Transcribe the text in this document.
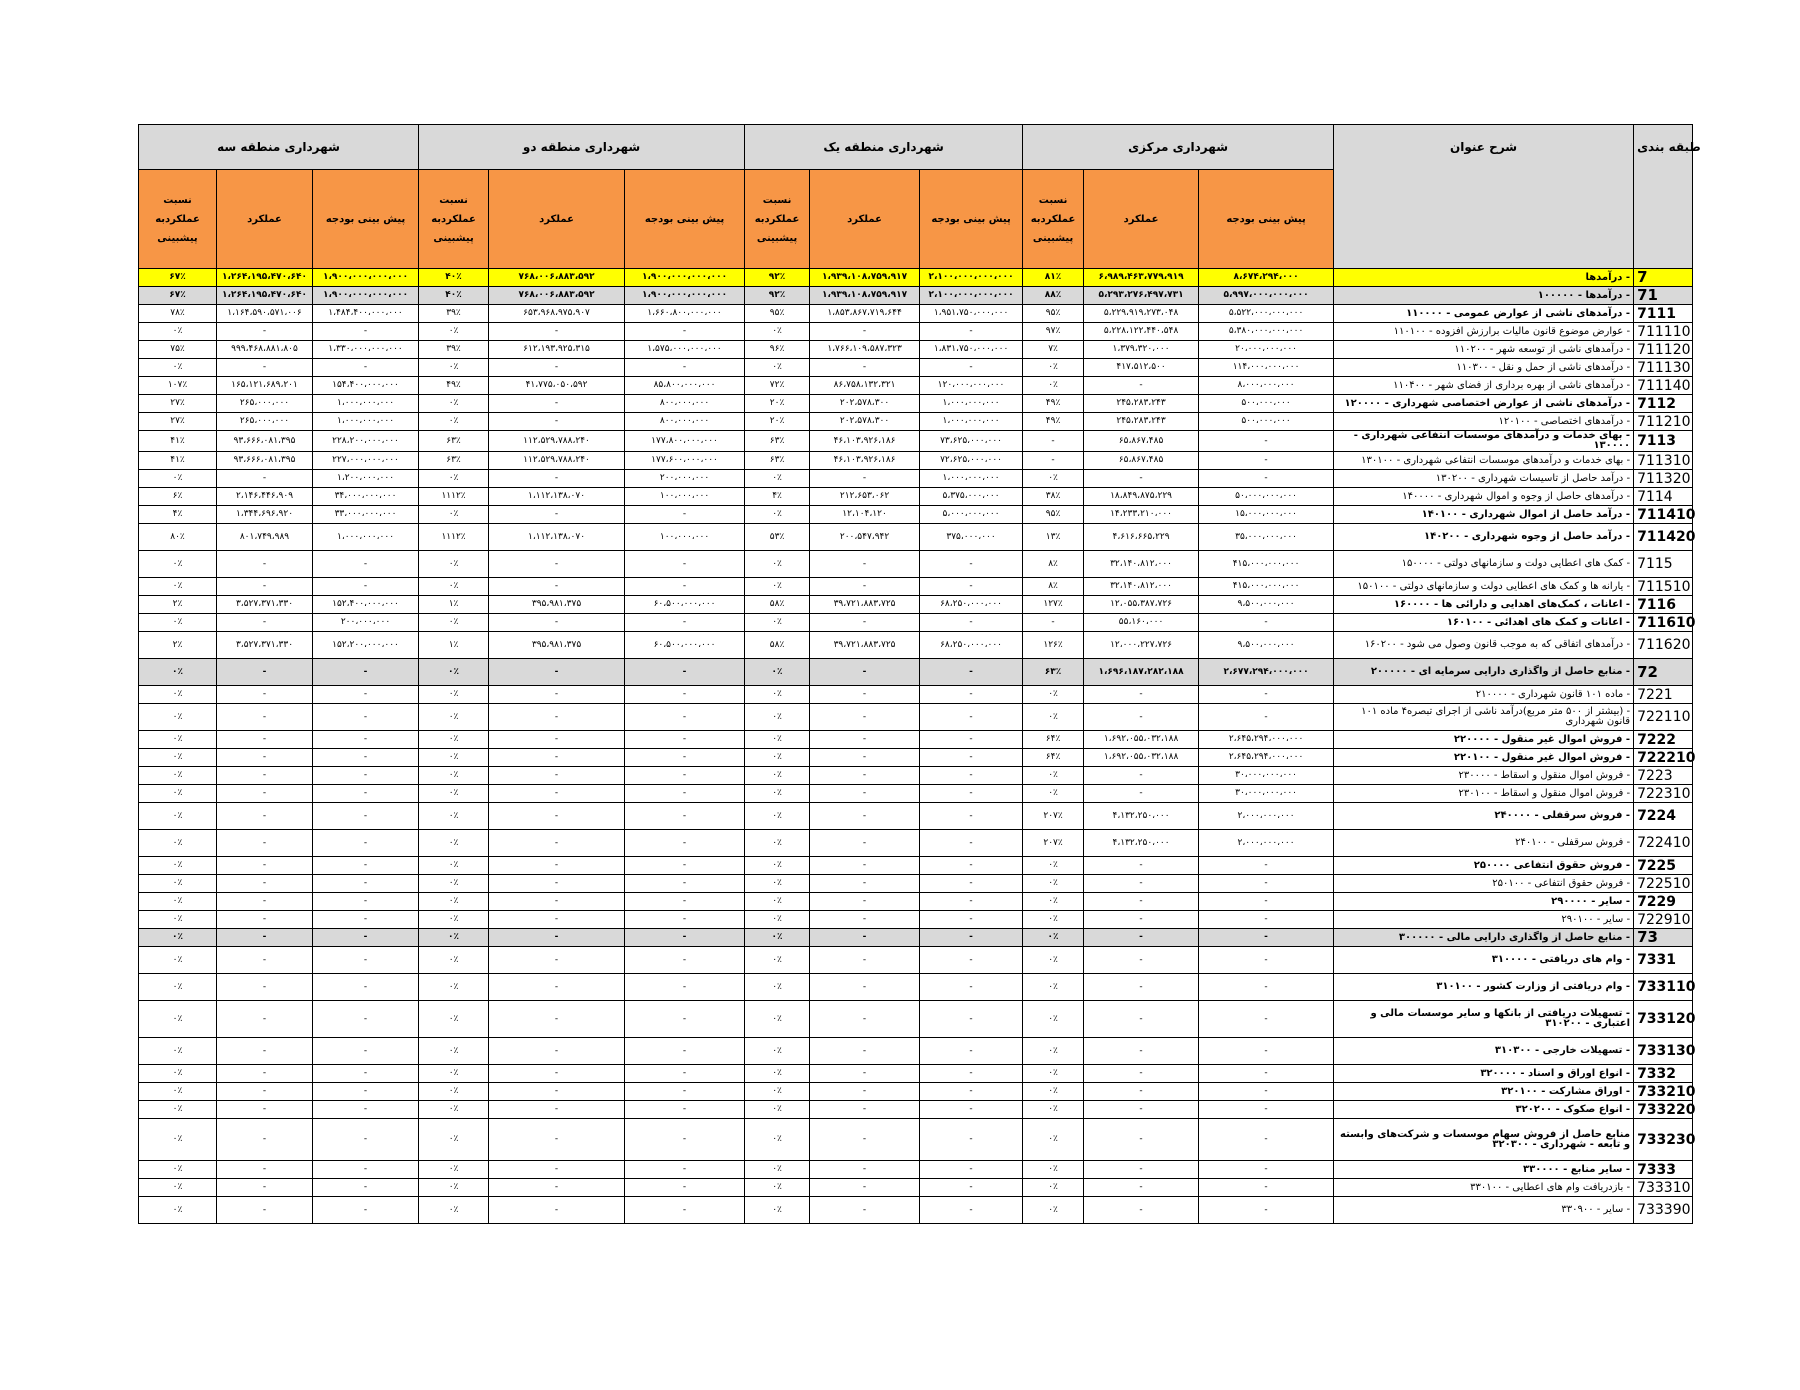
شهرداری منطقه سه			شهرداری منطقه دو			شهرداری منطقه یک			شهرداری مرکزی			شرح عنوان	طبقه بندی
نسبت عملکردبه پیشبینی	عملکرد	پیش بینی بودجه	نسبت عملکردبه پیشبینی	عملکرد	پیش بینی بودجه	نسبت عملکردبه پیشبینی	عملکرد	پیش بینی بودجه	نسبت عملکردبه پیشبینی	عملکرد	پیش بینی بودجه		
۶۷٪	۱،۲۶۴،۱۹۵،۴۷۰،۶۴۰	۱،۹۰۰،۰۰۰،۰۰۰،۰۰۰	۴۰٪	۷۶۸،۰۰۶،۸۸۳،۵۹۲	۱،۹۰۰،۰۰۰،۰۰۰،۰۰۰	۹۲٪	۱،۹۳۹،۱۰۸،۷۵۹،۹۱۷	۲،۱۰۰،۰۰۰،۰۰۰،۰۰۰	۸۱٪	۶،۹۸۹،۴۶۳،۷۷۹،۹۱۹	۸،۶۷۴،۲۹۴،۰۰۰	- درآمدها	7
۶۷٪	۱،۲۶۴،۱۹۵،۴۷۰،۶۴۰	۱،۹۰۰،۰۰۰،۰۰۰،۰۰۰	۴۰٪	۷۶۸،۰۰۶،۸۸۳،۵۹۲	۱،۹۰۰،۰۰۰،۰۰۰،۰۰۰	۹۲٪	۱،۹۳۹،۱۰۸،۷۵۹،۹۱۷	۲،۱۰۰،۰۰۰،۰۰۰،۰۰۰	۸۸٪	۵،۲۹۳،۲۷۶،۴۹۷،۷۳۱	۵،۹۹۷،۰۰۰،۰۰۰،۰۰۰	- درآمدها - ۱۰۰۰۰۰	71
۷۸٪	۱،۱۶۴،۵۹۰،۵۷۱،۰۰۶	۱،۴۸۴،۴۰۰،۰۰۰،۰۰۰	۳۹٪	۶۵۳،۹۶۸،۹۷۵،۹۰۷	۱،۶۶۰،۸۰۰،۰۰۰،۰۰۰	۹۵٪	۱،۸۵۳،۸۶۷،۷۱۹،۶۴۴	۱،۹۵۱،۷۵۰،۰۰۰،۰۰۰	۹۵٪	۵،۲۲۹،۹۱۹،۲۷۳،۰۴۸	۵،۵۲۲،۰۰۰،۰۰۰،۰۰۰	- درآمدهای ناشی از عوارض عمومی - ۱۱۰۰۰۰	7111
۰٪	-	-	۰٪	-	-	۰٪	-	-	۹۷٪	۵،۲۲۸،۱۲۲،۴۴۰،۵۴۸	۵،۳۸۰،۰۰۰،۰۰۰،۰۰۰	- عوارض موضوع قانون مالیات برارزش افزوده - ۱۱۰۱۰۰	711110
۷۵٪	۹۹۹،۴۶۸،۸۸۱،۸۰۵	۱،۳۳۰،۰۰۰،۰۰۰،۰۰۰	۳۹٪	۶۱۲،۱۹۳،۹۲۵،۳۱۵	۱،۵۷۵،۰۰۰،۰۰۰،۰۰۰	۹۶٪	۱،۷۶۶،۱۰۹،۵۸۷،۳۲۳	۱،۸۳۱،۷۵۰،۰۰۰،۰۰۰	۷٪	۱،۳۷۹،۳۲۰،۰۰۰	۲۰،۰۰۰،۰۰۰،۰۰۰	- درآمدهای ناشی از توسعه شهر - ۱۱۰۲۰۰	711120
۰٪	-	-	۰٪	-	-	۰٪	-	-	۰٪	۴۱۷،۵۱۲،۵۰۰	۱۱۴،۰۰۰،۰۰۰،۰۰۰	- درآمدهای ناشی از حمل و نقل - ۱۱۰۳۰۰	711130
۱۰۷٪	۱۶۵،۱۲۱،۶۸۹،۲۰۱	۱۵۴،۴۰۰،۰۰۰،۰۰۰	۴۹٪	۴۱،۷۷۵،۰۵۰،۵۹۲	۸۵،۸۰۰،۰۰۰،۰۰۰	۷۲٪	۸۶،۷۵۸،۱۳۲،۳۲۱	۱۲۰،۰۰۰،۰۰۰،۰۰۰	۰٪	-	۸،۰۰۰،۰۰۰،۰۰۰	- درآمدهای ناشی از بهره برداری از فضای شهر - ۱۱۰۴۰۰	711140
۲۷٪	۲۶۵،۰۰۰،۰۰۰	۱،۰۰۰،۰۰۰،۰۰۰	۰٪	-	۸۰۰،۰۰۰،۰۰۰	۲۰٪	۲۰۲،۵۷۸،۳۰۰	۱،۰۰۰،۰۰۰،۰۰۰	۴۹٪	۲۴۵،۲۸۳،۲۴۳	۵۰۰،۰۰۰،۰۰۰	- درآمدهای ناشی از عوارض اختصاصی شهرداری - ۱۲۰۰۰۰	7112
۲۷٪	۲۶۵،۰۰۰،۰۰۰	۱،۰۰۰،۰۰۰،۰۰۰	۰٪	-	۸۰۰،۰۰۰،۰۰۰	۲۰٪	۲۰۲،۵۷۸،۳۰۰	۱،۰۰۰،۰۰۰،۰۰۰	۴۹٪	۲۴۵،۲۸۳،۲۴۳	۵۰۰،۰۰۰،۰۰۰	- درآمدهای اختصاصی - ۱۲۰۱۰۰	711210
۴۱٪	۹۳،۶۶۶،۰۸۱،۳۹۵	۲۲۸،۲۰۰،۰۰۰،۰۰۰	۶۳٪	۱۱۲،۵۲۹،۷۸۸،۲۴۰	۱۷۷،۸۰۰،۰۰۰،۰۰۰	۶۳٪	۴۶،۱۰۳،۹۲۶،۱۸۶	۷۳،۶۲۵،۰۰۰،۰۰۰	-	۶۵،۸۶۷،۴۸۵	-	- بهای خدمات و درآمدهای موسسات انتفاعی شهرداری - ۱۳۰۰۰۰	7113
۴۱٪	۹۳،۶۶۶،۰۸۱،۳۹۵	۲۲۷،۰۰۰،۰۰۰،۰۰۰	۶۳٪	۱۱۲،۵۲۹،۷۸۸،۲۴۰	۱۷۷،۶۰۰،۰۰۰،۰۰۰	۶۳٪	۴۶،۱۰۳،۹۲۶،۱۸۶	۷۲،۶۲۵،۰۰۰،۰۰۰	-	۶۵،۸۶۷،۴۸۵	-	- بهای خدمات و درآمدهای موسسات انتفاعی شهرداری - ۱۳۰۱۰۰	711310
۰٪	-	۱،۲۰۰،۰۰۰،۰۰۰	۰٪	-	۲۰۰،۰۰۰،۰۰۰	۰٪	-	۱،۰۰۰،۰۰۰،۰۰۰	۰٪	-	-	- درآمد حاصل از تاسیسات شهرداری - ۱۳۰۲۰۰	711320
۶٪	۲،۱۴۶،۴۴۶،۹۰۹	۳۴،۰۰۰،۰۰۰،۰۰۰	۱۱۱۲٪	۱،۱۱۲،۱۳۸،۰۷۰	۱۰۰،۰۰۰،۰۰۰	۴٪	۲۱۲،۶۵۳،۰۶۲	۵،۳۷۵،۰۰۰،۰۰۰	۳۸٪	۱۸،۸۴۹،۸۷۵،۲۲۹	۵۰،۰۰۰،۰۰۰،۰۰۰	- درآمدهای حاصل از وجوه و اموال شهرداری - ۱۴۰۰۰۰	7114
۴٪	۱،۳۴۴،۶۹۶،۹۲۰	۳۳،۰۰۰،۰۰۰،۰۰۰	۰٪	-	-	۰٪	۱۲،۱۰۴،۱۲۰	۵،۰۰۰،۰۰۰،۰۰۰	۹۵٪	۱۴،۲۳۳،۲۱۰،۰۰۰	۱۵،۰۰۰،۰۰۰،۰۰۰	- درآمد حاصل از اموال شهرداری - ۱۴۰۱۰۰	711410
۸۰٪	۸۰۱،۷۴۹،۹۸۹	۱،۰۰۰،۰۰۰،۰۰۰	۱۱۱۲٪	۱،۱۱۲،۱۳۸،۰۷۰	۱۰۰،۰۰۰،۰۰۰	۵۳٪	۲۰۰،۵۴۷،۹۴۲	۳۷۵،۰۰۰،۰۰۰	۱۳٪	۴،۶۱۶،۶۶۵،۲۲۹	۳۵،۰۰۰،۰۰۰،۰۰۰	- درآمد حاصل از وجوه شهرداری - ۱۴۰۲۰۰	711420
۰٪	-	-	۰٪	-	-	۰٪	-	-	۸٪	۳۲،۱۴۰،۸۱۲،۰۰۰	۴۱۵،۰۰۰،۰۰۰،۰۰۰	- کمک های اعطایی دولت و سازمانهای دولتی - ۱۵۰۰۰۰	7115
۰٪	-	-	۰٪	-	-	۰٪	-	-	۸٪	۳۲،۱۴۰،۸۱۲،۰۰۰	۴۱۵،۰۰۰،۰۰۰،۰۰۰	- یارانه ها و کمک های اعطایی دولت و سازمانهای دولتی - ۱۵۰۱۰۰	711510
۲٪	۳،۵۲۷،۳۷۱،۳۳۰	۱۵۲،۴۰۰،۰۰۰،۰۰۰	۱٪	۳۹۵،۹۸۱،۳۷۵	۶۰،۵۰۰،۰۰۰،۰۰۰	۵۸٪	۳۹،۷۲۱،۸۸۳،۷۲۵	۶۸،۲۵۰،۰۰۰،۰۰۰	۱۲۷٪	۱۲،۰۵۵،۳۸۷،۷۲۶	۹،۵۰۰،۰۰۰،۰۰۰	- اعانات ، کمک‌های اهدایی و دارائی ها - ۱۶۰۰۰۰	7116
۰٪	-	۲۰۰،۰۰۰،۰۰۰	۰٪	-	-	۰٪	-	-	-	۵۵،۱۶۰،۰۰۰	-	- اعانات و کمک های اهدائی - ۱۶۰۱۰۰	711610
۲٪	۳،۵۲۷،۳۷۱،۳۳۰	۱۵۲،۲۰۰،۰۰۰،۰۰۰	۱٪	۳۹۵،۹۸۱،۳۷۵	۶۰،۵۰۰،۰۰۰،۰۰۰	۵۸٪	۳۹،۷۲۱،۸۸۳،۷۲۵	۶۸،۲۵۰،۰۰۰،۰۰۰	۱۲۶٪	۱۲،۰۰۰،۲۲۷،۷۲۶	۹،۵۰۰،۰۰۰،۰۰۰	- درآمدهای اتفاقی که به موجب قانون وصول می شود - ۱۶۰۲۰۰	711620
۰٪	-	-	۰٪	-	-	۰٪	-	-	۶۳٪	۱،۶۹۶،۱۸۷،۲۸۲،۱۸۸	۲،۶۷۷،۲۹۴،۰۰۰،۰۰۰	- منابع حاصل از واگذاری دارایی سرمایه ای - ۲۰۰۰۰۰	72
۰٪	-	-	۰٪	-	-	۰٪	-	-	۰٪	-	-	- ماده ۱۰۱ قانون شهرداری - ۲۱۰۰۰۰	7221
۰٪	-	-	۰٪	-	-	۰٪	-	-	۰٪	-	-	- (بیشتر از ۵۰۰ متر مربع)درآمد ناشی از اجرای تبصره۴ ماده ۱۰۱ قانون شهرداری	722110
۰٪	-	-	۰٪	-	-	۰٪	-	-	۶۴٪	۱،۶۹۲،۰۵۵،۰۳۲،۱۸۸	۲،۶۴۵،۲۹۴،۰۰۰،۰۰۰	- فروش اموال غیر منقول - ۲۲۰۰۰۰	7222
۰٪	-	-	۰٪	-	-	۰٪	-	-	۶۴٪	۱،۶۹۲،۰۵۵،۰۳۲،۱۸۸	۲،۶۴۵،۲۹۴،۰۰۰،۰۰۰	- فروش اموال غیر منقول - ۲۲۰۱۰۰	722210
۰٪	-	-	۰٪	-	-	۰٪	-	-	۰٪	-	۳۰،۰۰۰،۰۰۰،۰۰۰	- فروش اموال منقول و اسقاط - ۲۳۰۰۰۰	7223
۰٪	-	-	۰٪	-	-	۰٪	-	-	۰٪	-	۳۰،۰۰۰،۰۰۰،۰۰۰	- فروش اموال منقول و اسقاط - ۲۳۰۱۰۰	722310
۰٪	-	-	۰٪	-	-	۰٪	-	-	۲۰۷٪	۴،۱۳۲،۲۵۰،۰۰۰	۲،۰۰۰،۰۰۰،۰۰۰	- فروش سرقفلی - ۲۴۰۰۰۰	7224
۰٪	-	-	۰٪	-	-	۰٪	-	-	۲۰۷٪	۴،۱۳۲،۲۵۰،۰۰۰	۲،۰۰۰،۰۰۰،۰۰۰	- فروش سرقفلی - ۲۴۰۱۰۰	722410
۰٪	-	-	۰٪	-	-	۰٪	-	-	۰٪	-	-	- فروش حقوق انتفاعی ۲۵۰۰۰۰	7225
۰٪	-	-	۰٪	-	-	۰٪	-	-	۰٪	-	-	- فروش حقوق انتفاعی - ۲۵۰۱۰۰	722510
۰٪	-	-	۰٪	-	-	۰٪	-	-	۰٪	-	-	- سایر - ۲۹۰۰۰۰	7229
۰٪	-	-	۰٪	-	-	۰٪	-	-	۰٪	-	-	- سایر - ۲۹۰۱۰۰	722910
۰٪	-	-	۰٪	-	-	۰٪	-	-	۰٪	-	-	- منابع حاصل از واگذاری دارایی مالی - ۳۰۰۰۰۰	73
۰٪	-	-	۰٪	-	-	۰٪	-	-	۰٪	-	-	- وام های دریافتی - ۳۱۰۰۰۰	7331
۰٪	-	-	۰٪	-	-	۰٪	-	-	۰٪	-	-	- وام دریافتی از وزارت کشور - ۳۱۰۱۰۰	733110
۰٪	-	-	۰٪	-	-	۰٪	-	-	۰٪	-	-	- تسهیلات دریافتی از بانکها و سایر موسسات مالی و اعتباری - ۳۱۰۲۰۰	733120
۰٪	-	-	۰٪	-	-	۰٪	-	-	۰٪	-	-	- تسهیلات خارجی - ۳۱۰۳۰۰	733130
۰٪	-	-	۰٪	-	-	۰٪	-	-	۰٪	-	-	- انواع اوراق و اسناد - ۳۲۰۰۰۰	7332
۰٪	-	-	۰٪	-	-	۰٪	-	-	۰٪	-	-	- اوراق مشارکت - ۳۲۰۱۰۰	733210
۰٪	-	-	۰٪	-	-	۰٪	-	-	۰٪	-	-	- انواع صکوک - ۳۲۰۲۰۰	733220
۰٪	-	-	۰٪	-	-	۰٪	-	-	۰٪	-	-	منابع حاصل از فروش سهام موسسات و شرکت‌های وابسته و تابعه - شهرداری - ۳۲۰۳۰۰	733230
۰٪	-	-	۰٪	-	-	۰٪	-	-	۰٪	-	-	- سایر منابع - ۳۳۰۰۰۰	7333
۰٪	-	-	۰٪	-	-	۰٪	-	-	۰٪	-	-	- بازدریافت وام های اعطایی - ۳۳۰۱۰۰	733310
۰٪	-	-	۰٪	-	-	۰٪	-	-	۰٪	-	-	- سایر - ۳۳۰۹۰۰	733390
